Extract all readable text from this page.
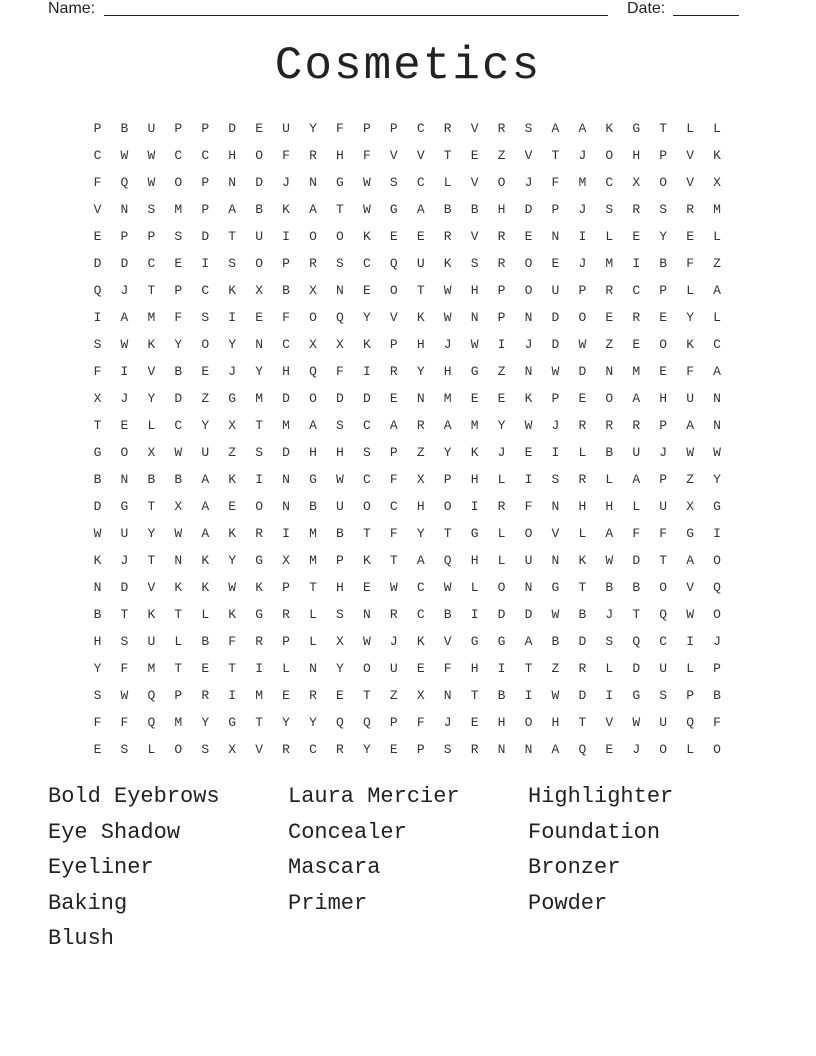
Name:	Date:
Cosmetics
P	B	U	P	P	D	E	U	Y	F	P	P	C	R	V	R	S	A	A	K	G	T	L	L
C	W	W	C	C	H	O	F	R	H	F	V	V	T	E	Z	V	T	J	O	H	P	V	K
F	Q	W	O	P	N	D	J	N	G	W	S	C	L	V	O	J	F	M	C	X	O	V	X
V	N	S	M	P	A	B	K	A	T	W	G	A	B	B	H	D	P	J	S	R	S	R	M
E	P	P	S	D	T	U	I	O	O	K	E	E	R	V	R	E	N	I	L	E	Y	E	L
D	D	C	E	I	S	O	P	R	S	C	Q	U	K	S	R	O	E	J	M	I	B	F	Z
Q	J	T	P	C	K	X	B	X	N	E	O	T	W	H	P	O	U	P	R	C	P	L	A
I	A	M	F	S	I	E	F	O	Q	Y	V	K	W	N	P	N	D	O	E	R	E	Y	L
S	W	K	Y	O	Y	N	C	X	X	K	P	H	J	W	I	J	D	W	Z	E	O	K	C
F	I	V	B	E	J	Y	H	Q	F	I	R	Y	H	G	Z	N	W	D	N	M	E	F	A
X	J	Y	D	Z	G	M	D	O	D	D	E	N	M	E	E	K	P	E	O	A	H	U	N
T	E	L	C	Y	X	T	M	A	S	C	A	R	A	M	Y	W	J	R	R	R	P	A	N
G	O	X	W	U	Z	S	D	H	H	S	P	Z	Y	K	J	E	I	L	B	U	J	W	W
B	N	B	B	A	K	I	N	G	W	C	F	X	P	H	L	I	S	R	L	A	P	Z	Y
D	G	T	X	A	E	O	N	B	U	O	C	H	O	I	R	F	N	H	H	L	U	X	G
W	U	Y	W	A	K	R	I	M	B	T	F	Y	T	G	L	O	V	L	A	F	F	G	I
K	J	T	N	K	Y	G	X	M	P	K	T	A	Q	H	L	U	N	K	W	D	T	A	O
N	D	V	K	K	W	K	P	T	H	E	W	C	W	L	O	N	G	T	B	B	O	V	Q
B	T	K	T	L	K	G	R	L	S	N	R	C	B	I	D	D	W	B	J	T	Q	W	O
H	S	U	L	B	F	R	P	L	X	W	J	K	V	G	G	A	B	D	S	Q	C	I	J
Y	F	M	T	E	T	I	L	N	Y	O	U	E	F	H	I	T	Z	R	L	D	U	L	P
S	W	Q	P	R	I	M	E	R	E	T	Z	X	N	T	B	I	W	D	I	G	S	P	B
F	F	Q	M	Y	G	T	Y	Y	Q	Q	P	F	J	E	H	O	H	T	V	W	U	Q	F
E	S	L	O	S	X	V	R	C	R	Y	E	P	S	R	N	N	A	Q	E	J	O	L	O
Bold Eyebrows	Laura Mercier	Highlighter
Eye Shadow	Concealer	Foundation
Eyeliner	Mascara	Bronzer
Baking	Primer	Powder
Blush
